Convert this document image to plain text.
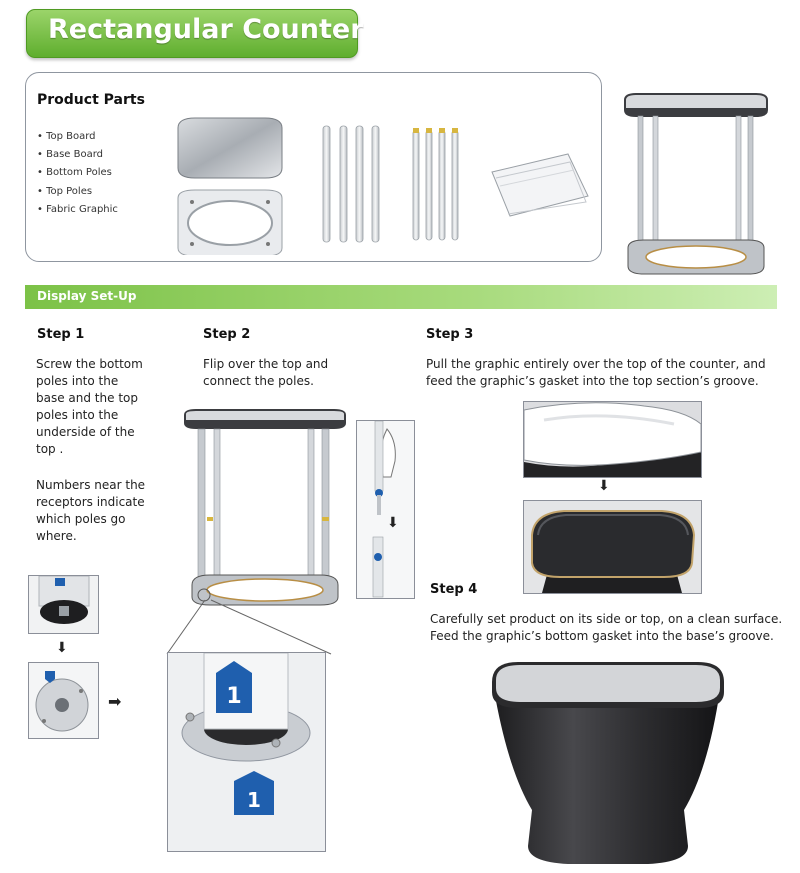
Rectangular Counter
Product Parts
• Top Board
• Base Board
• Bottom Poles
• Top Poles
• Fabric Graphic
Display Set-Up
Step 1
Screw the bottom poles into the base and the top poles into the underside of the top .
Numbers near the receptors indicate which poles go where.
⬇
➡
Step 2
Flip over the top and connect the poles.
1
1
⬇
Step 3
Pull the graphic entirely over the top of the counter, and feed the graphic’s gasket into the top section’s groove.
⬇
Step 4
Carefully set product on its side or top, on a clean surface. Feed the graphic’s bottom gasket into the base’s groove.
